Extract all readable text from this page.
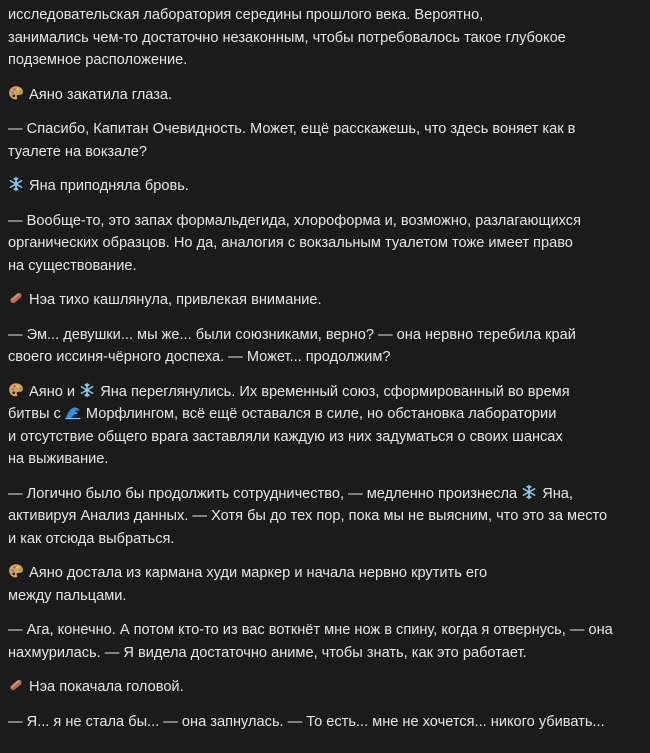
исследовательская лаборатория середины прошлого века. Вероятно,
занимались чем-то достаточно незаконным, чтобы потребовалось такое глубокое
подземное расположение.

Аяно закатила глаза.

— Спасибо, Капитан Очевидность. Может, ещё расскажешь, что здесь воняет как в
туалете на вокзале?

Яна приподняла бровь.

— Вообще-то, это запах формальдегида, хлороформа и, возможно, разлагающихся
органических образцов. Но да, аналогия с вокзальным туалетом тоже имеет право
на существование.

Нэа тихо кашлянула, привлекая внимание.

— Эм... девушки... мы же... были союзниками, верно? — она нервно теребила край
своего иссиня-чёрного доспеха. — Может... продолжим?

Аяно и
Яна переглянулись. Их временный союз, сформированный во время
битвы с
Морфлингом, всё ещё оставался в силе, но обстановка лаборатории
и отсутствие общего врага заставляли каждую из них задуматься о своих шансах
на выживание.

— Логично было бы продолжить сотрудничество, — медленно произнесла
Яна,
активируя Анализ данных. — Хотя бы до тех пор, пока мы не выясним, что это за место
и как отсюда выбраться.

Аяно достала из кармана худи маркер и начала нервно крутить его
между пальцами.

— Ага, конечно. А потом кто-то из вас воткнёт мне нож в спину, когда я отвернусь, — она
нахмурилась. — Я видела достаточно аниме, чтобы знать, как это работает.

Нэа покачала головой.

— Я... я не стала бы... — она запнулась. — То есть... мне не хочется... никого убивать...
